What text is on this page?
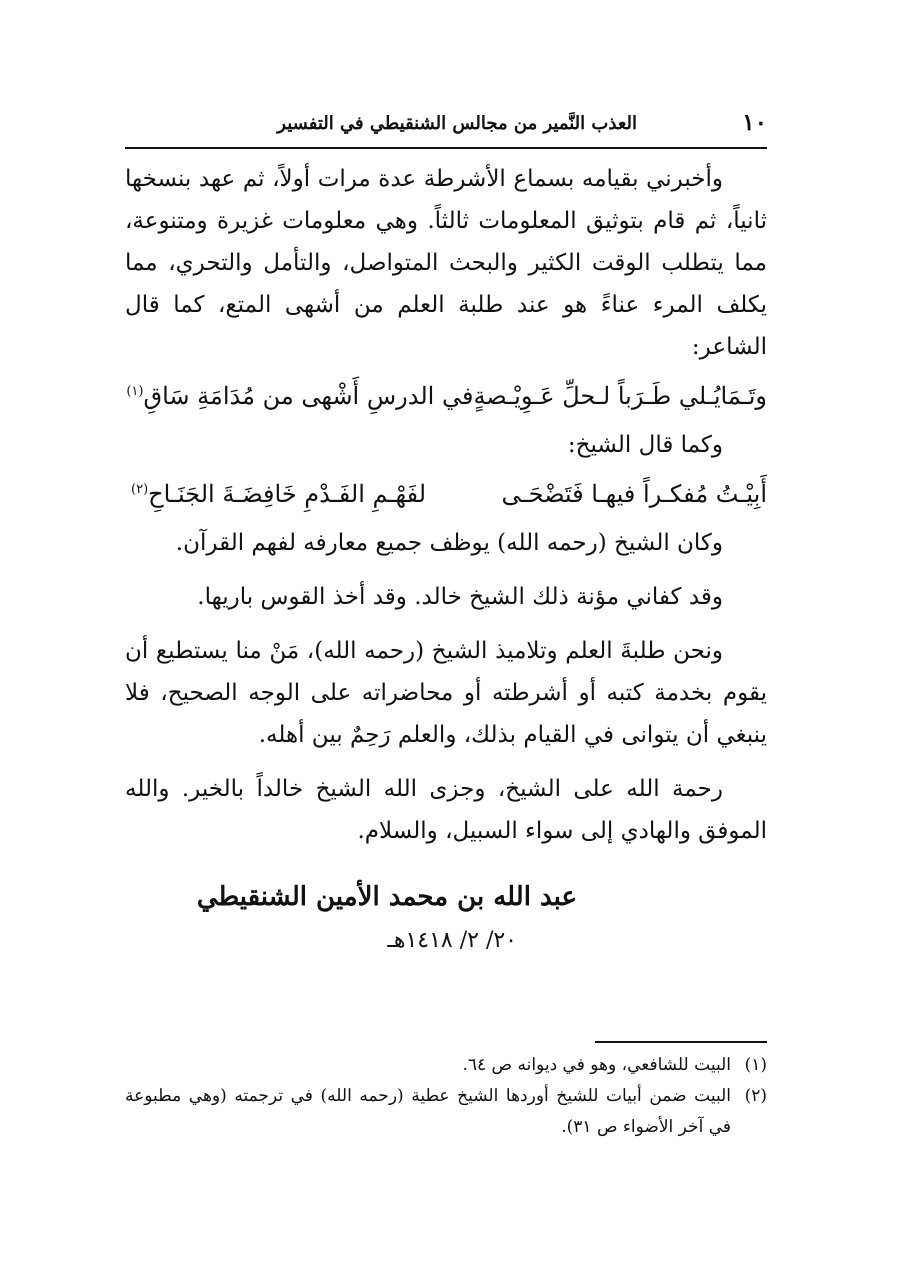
١٠
العذب النَّمير من مجالس الشنقيطي في التفسير

وأخبرني بقيامه بسماع الأشرطة عدة مرات أولاً، ثم عهد بنسخها ثانياً، ثم قام بتوثيق المعلومات ثالثاً. وهي معلومات غزيرة ومتنوعة، مما يتطلب الوقت الكثير والبحث المتواصل، والتأمل والتحري، مما يكلف المرء عناءً هو عند طلبة العلم من أشهى المتع، كما قال الشاعر:

وتَـمَايُـلي طَـرَباً لـحلِّ عَـوِيْـصةٍ
في الدرسِ أَشْهى من مُدَامَةِ سَاقِ$^{(١)}$

وكما قال الشيخ:

أَبِيْـتُ مُفكـراً فيهـا فَتَضْحَـى
لفَهْـمِ الفَـدْمِ خَافِضَـةَ الجَنَـاحِ$^{(٢)}$

وكان الشيخ (رحمه الله) يوظف جميع معارفه لفهم القرآن.

وقد كفاني مؤنة ذلك الشيخ خالد. وقد أخذ القوس باريها.

ونحن طلبةَ العلم وتلاميذ الشيخ (رحمه الله)، مَنْ منا يستطيع أن يقوم بخدمة كتبه أو أشرطته أو محاضراته على الوجه الصحيح، فلا ينبغي أن يتوانى في القيام بذلك، والعلم رَحِمٌ بين أهله.

رحمة الله على الشيخ، وجزى الله الشيخ خالداً بالخير. والله الموفق والهادي إلى سواء السبيل، والسلام.

عبد الله بن محمد الأمين الشنقيطي
٢٠/ ٢/ ١٤١٨هـ
(١)
البيت للشافعي، وهو في ديوانه ص ٦٤.
(٢)
البيت ضمن أبيات للشيخ أوردها الشيخ عطية (رحمه الله) في ترجمته (وهي مطبوعة في آخر الأضواء ص ٣١).
